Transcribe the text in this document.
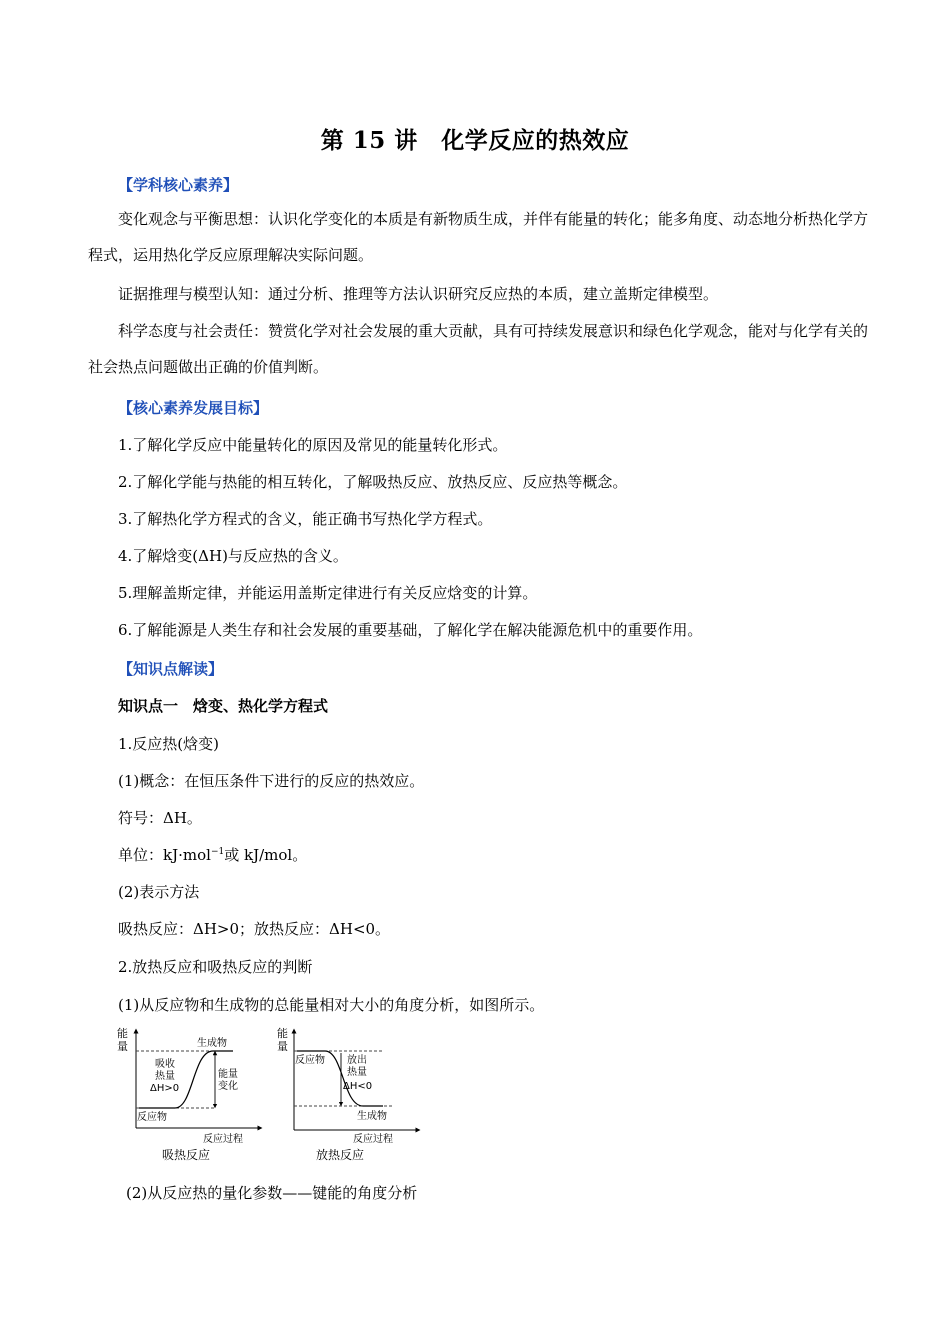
第 15 讲　化学反应的热效应
【学科核心素养】
变化观念与平衡思想：认识化学变化的本质是有新物质生成，并伴有能量的转化；能多角度、动态地分析热化学方程式，运用热化学反应原理解决实际问题。
证据推理与模型认知：通过分析、推理等方法认识研究反应热的本质，建立盖斯定律模型。
科学态度与社会责任：赞赏化学对社会发展的重大贡献，具有可持续发展意识和绿色化学观念，能对与化学有关的社会热点问题做出正确的价值判断。
【核心素养发展目标】
1.了解化学反应中能量转化的原因及常见的能量转化形式。
2.了解化学能与热能的相互转化，了解吸热反应、放热反应、反应热等概念。
3.了解热化学方程式的含义，能正确书写热化学方程式。
4.了解焓变(ΔH)与反应热的含义。
5.理解盖斯定律，并能运用盖斯定律进行有关反应焓变的计算。
6.了解能源是人类生存和社会发展的重要基础，了解化学在解决能源危机中的重要作用。
【知识点解读】
知识点一　焓变、热化学方程式
1.反应热(焓变)
(1)概念：在恒压条件下进行的反应的热效应。
符号：ΔH。
单位：kJ·mol$^{-1}$或 kJ/mol。
(2)表示方法
吸热反应：ΔH>0；放热反应：ΔH<0。
2.放热反应和吸热反应的判断
(1)从反应物和生成物的总能量相对大小的角度分析，如图所示。
能
量	生成物
反应物
吸收
热量
ΔH>0
能量
变化
反应过程
吸热反应
能
量
反应物
生成物
放出
热量
ΔH<0
反应过程
放热反应
(2)从反应热的量化参数——键能的角度分析
